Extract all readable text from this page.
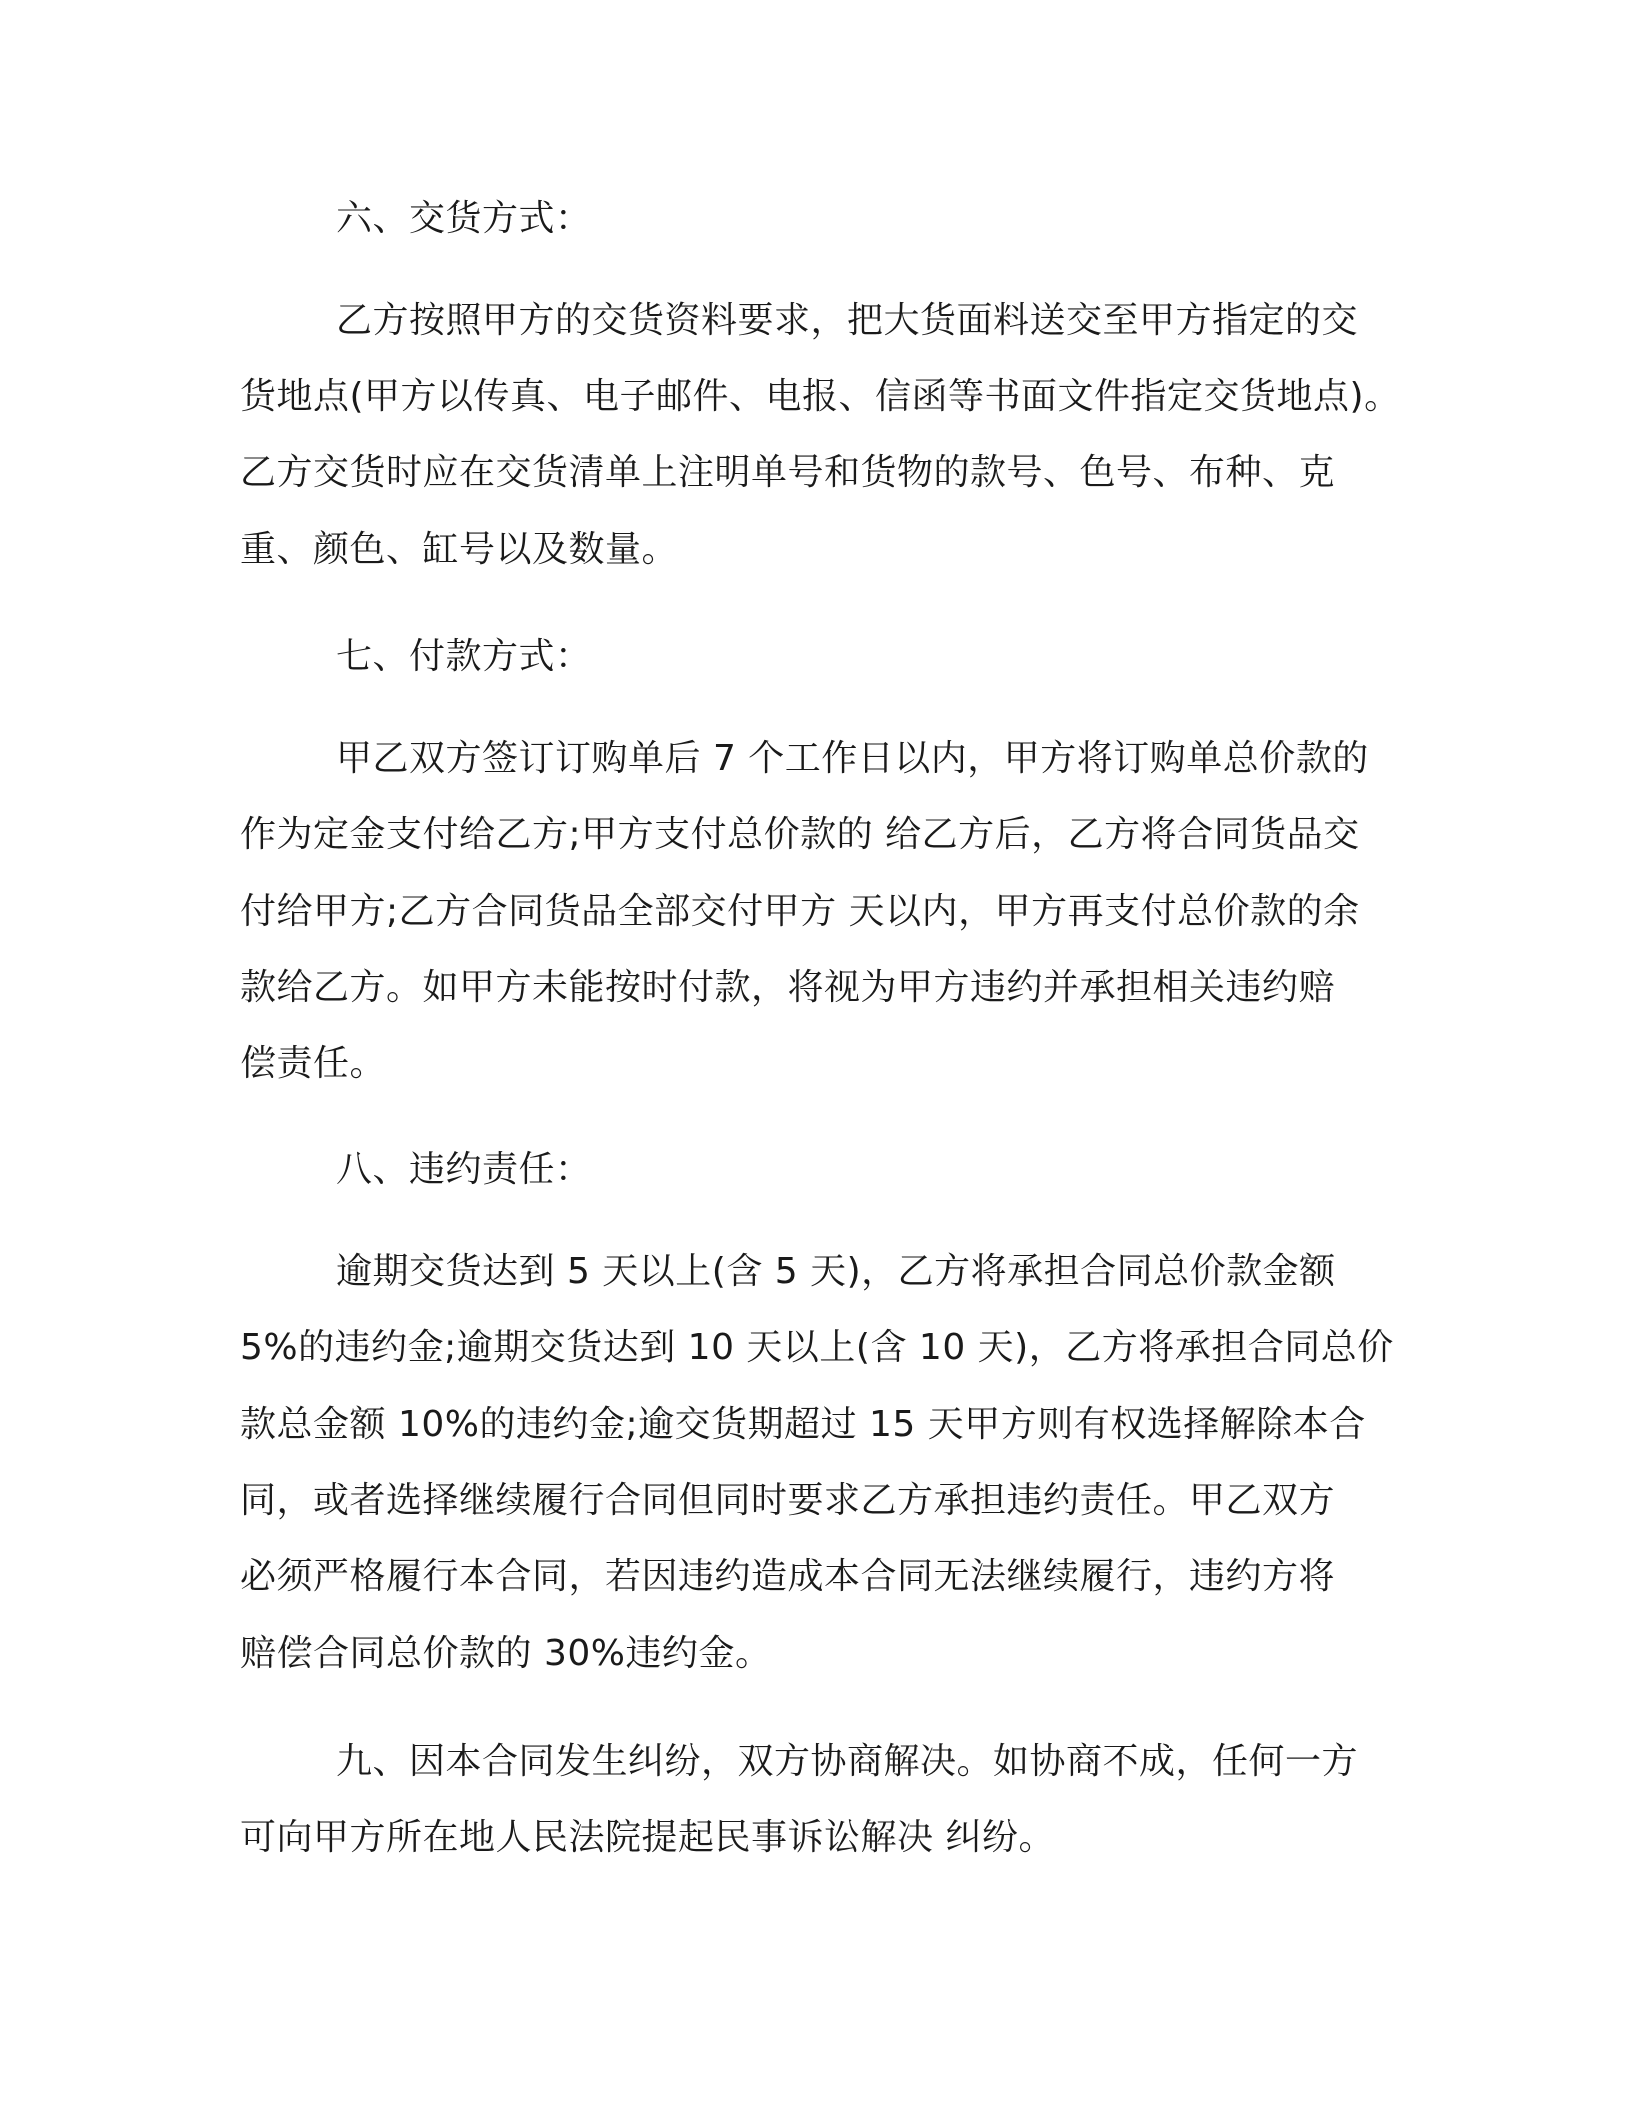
六、交货方式：
乙方按照甲方的交货资料要求，把大货面料送交至甲方指定的交
货地点(甲方以传真、电子邮件、电报、信函等书面文件指定交货地点)。
乙方交货时应在交货清单上注明单号和货物的款号、色号、布种、克
重、颜色、缸号以及数量。
七、付款方式：
甲乙双方签订订购单后 7 个工作日以内，甲方将订购单总价款的
作为定金支付给乙方;甲方支付总价款的 给乙方后，乙方将合同货品交
付给甲方;乙方合同货品全部交付甲方 天以内，甲方再支付总价款的余
款给乙方。如甲方未能按时付款，将视为甲方违约并承担相关违约赔
偿责任。
八、违约责任：
逾期交货达到 5 天以上(含 5 天)，乙方将承担合同总价款金额
5%的违约金;逾期交货达到 10 天以上(含 10 天)，乙方将承担合同总价
款总金额 10%的违约金;逾交货期超过 15 天甲方则有权选择解除本合
同，或者选择继续履行合同但同时要求乙方承担违约责任。甲乙双方
必须严格履行本合同，若因违约造成本合同无法继续履行，违约方将
赔偿合同总价款的 30%违约金。
九、因本合同发生纠纷，双方协商解决。如协商不成，任何一方
可向甲方所在地人民法院提起民事诉讼解决 纠纷。
